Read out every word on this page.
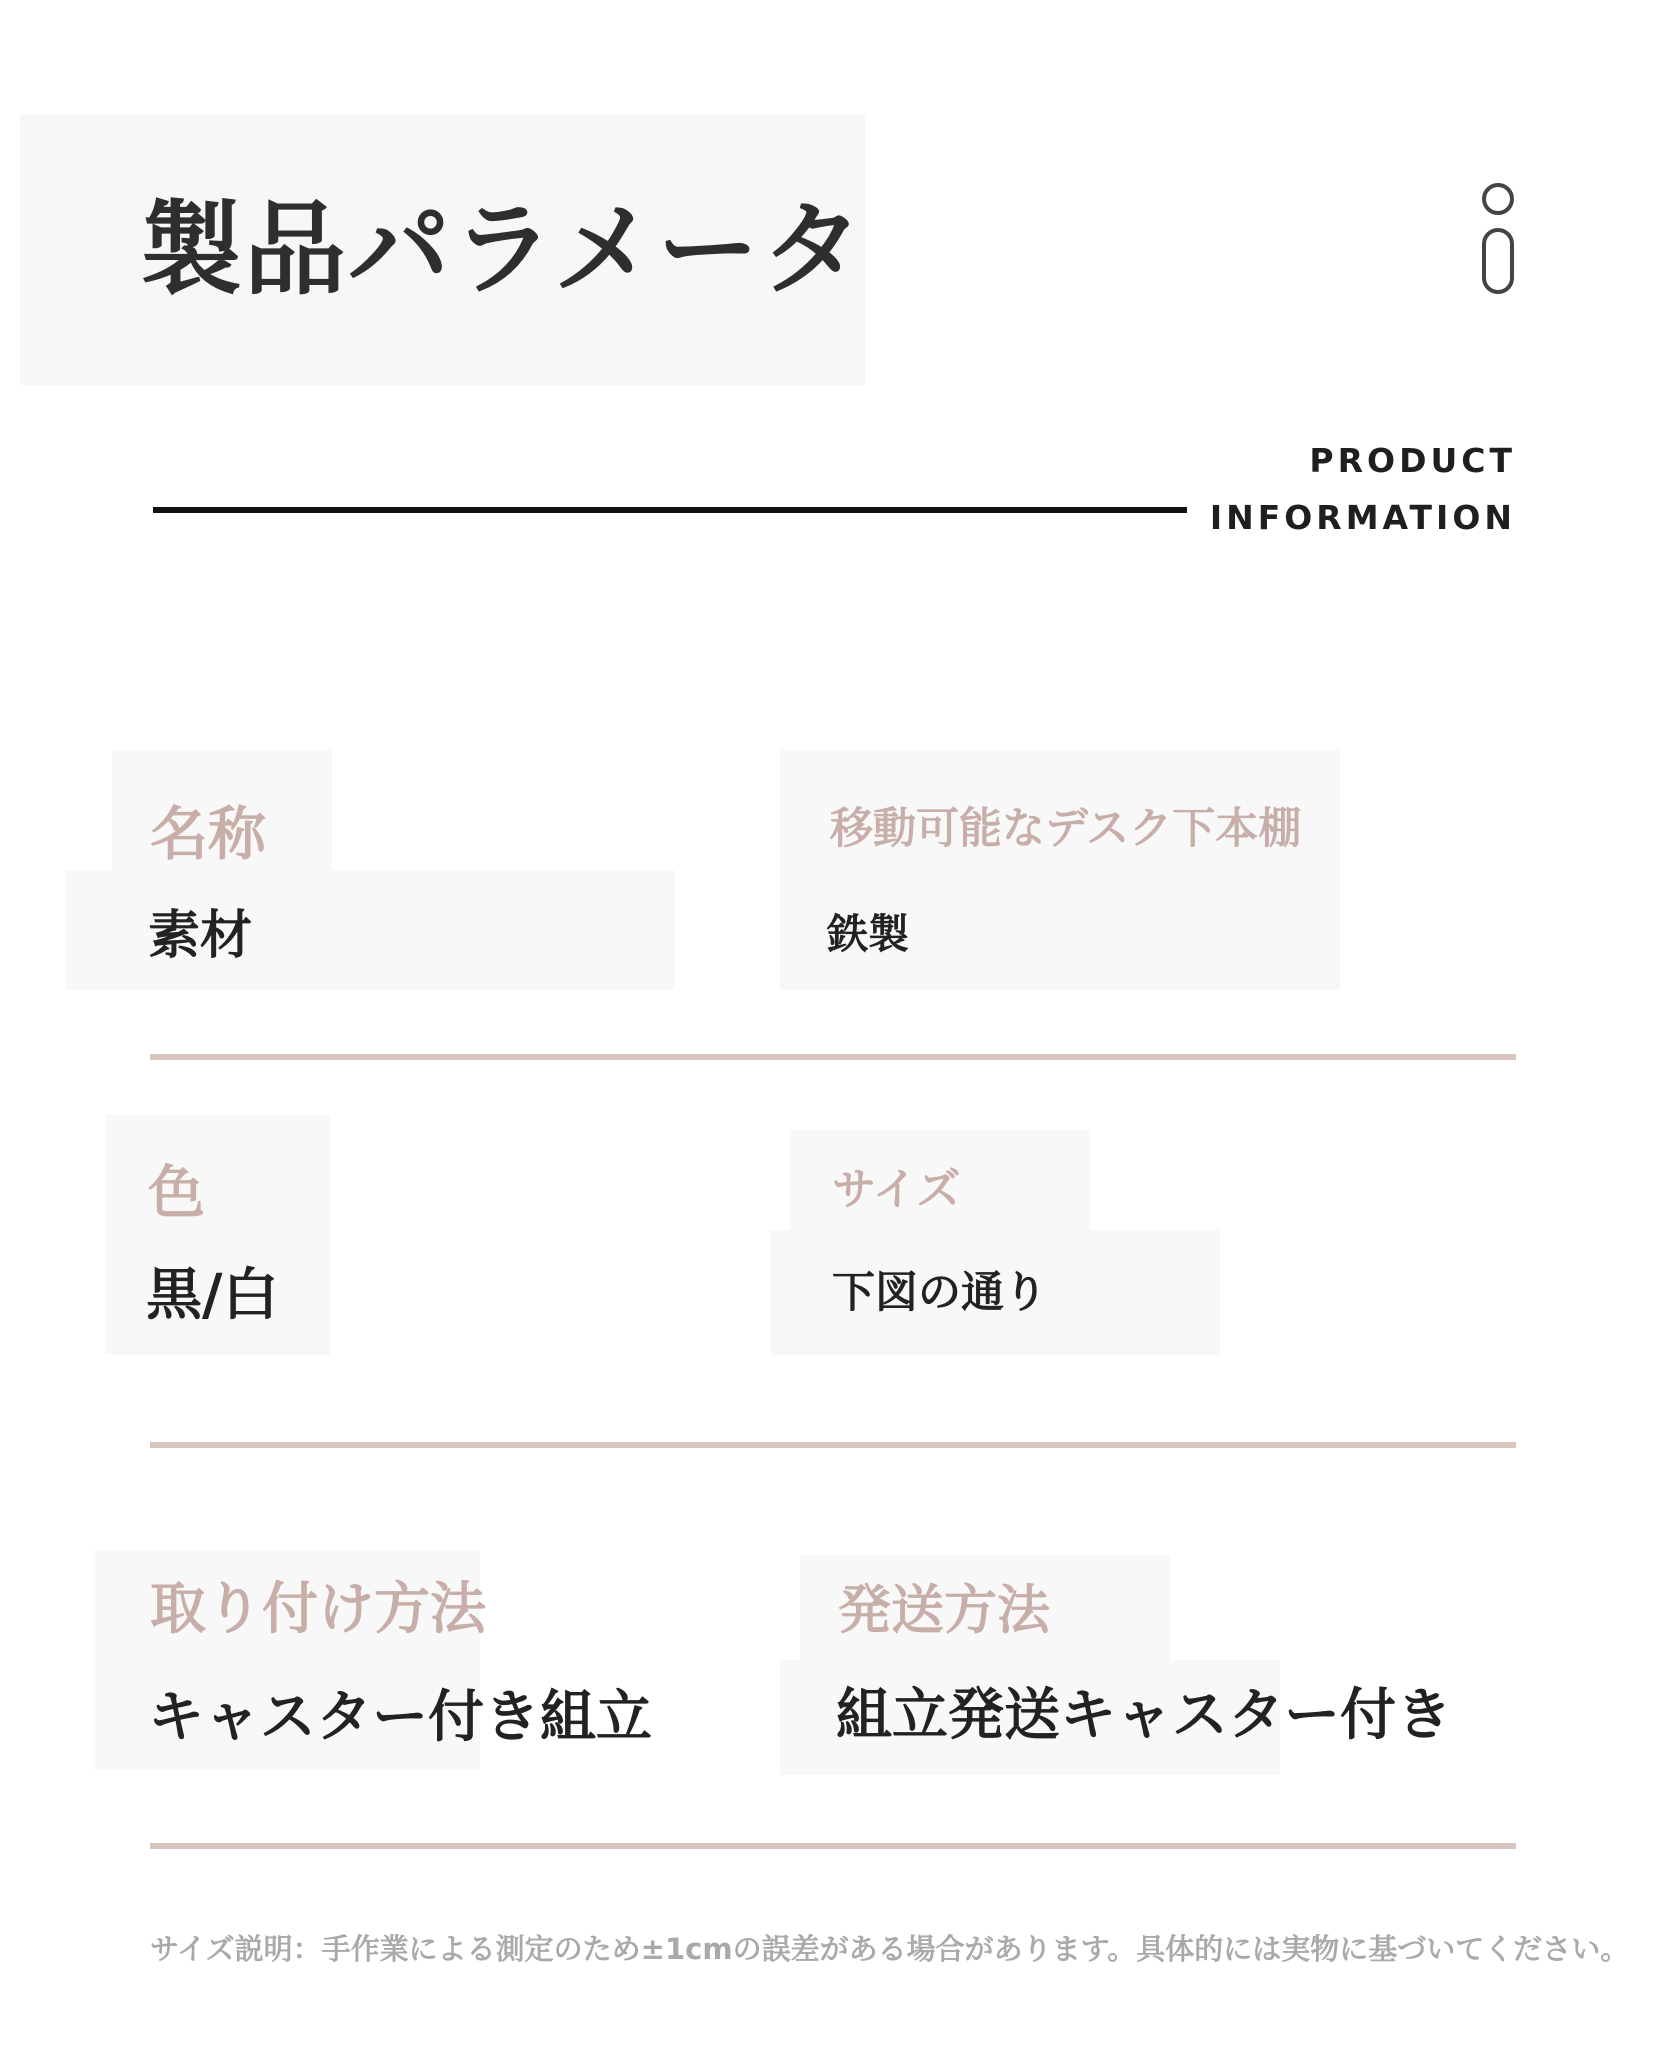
製品パラメータ
PRODUCT
INFORMATION
名称	移動可能なデスク下本棚
素材	鉄製
色
黒/白
サイズ
下図の通り
取り付け方法
キャスター付き組立
発送方法
組立発送キャスター付き
サイズ説明：手作業による測定のため±1cmの誤差がある場合があります。具体的には実物に基づいてください。
